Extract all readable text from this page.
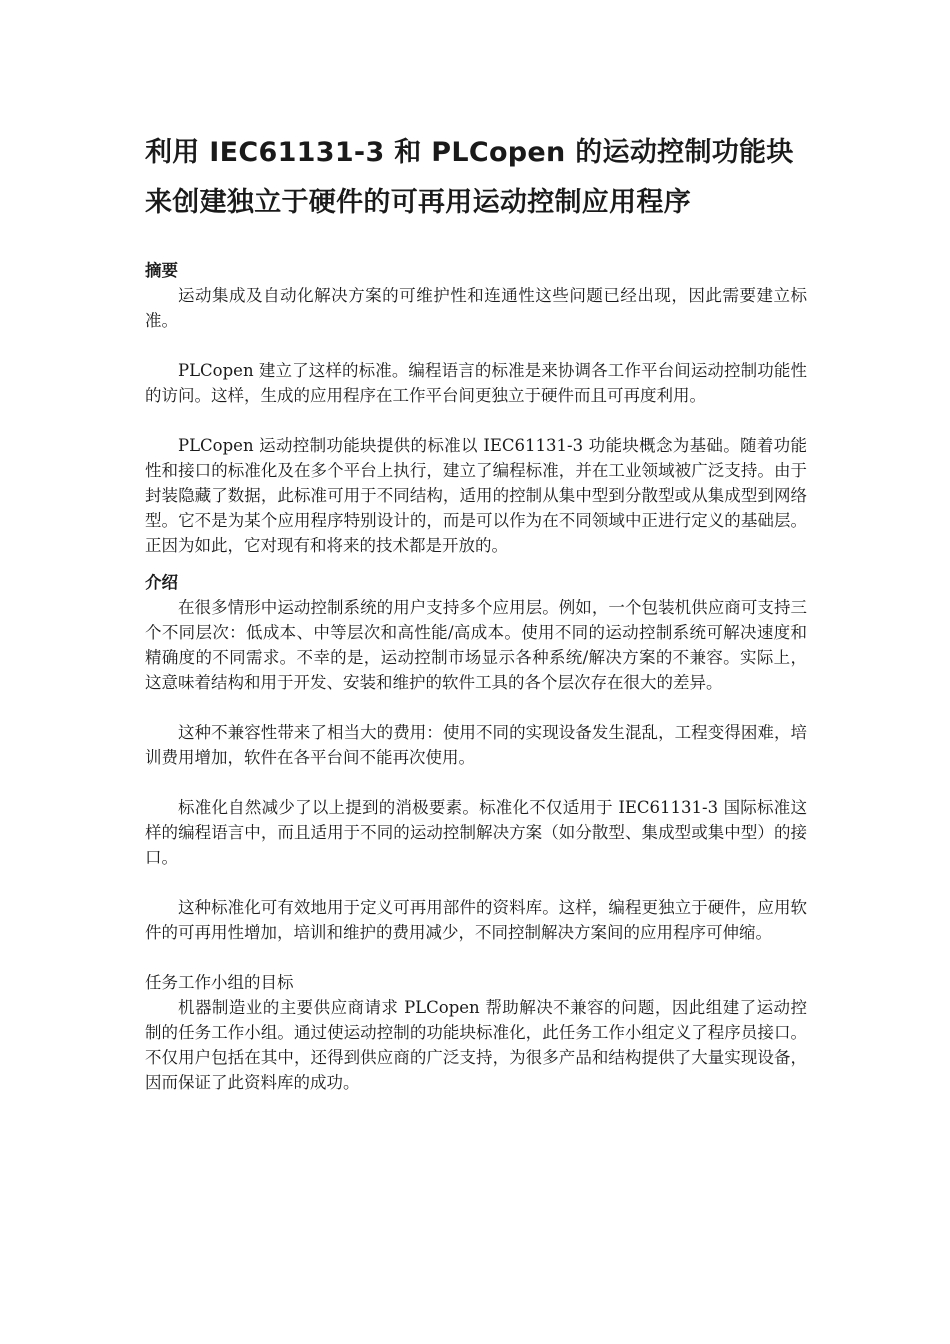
利用 IEC61131-3 和 PLCopen 的运动控制功能块来创建独立于硬件的可再用运动控制应用程序
摘要

运动集成及自动化解决方案的可维护性和连通性这些问题已经出现，因此需要建立标准。

PLCopen 建立了这样的标准。编程语言的标准是来协调各工作平台间运动控制功能性的访问。这样，生成的应用程序在工作平台间更独立于硬件而且可再度利用。

PLCopen 运动控制功能块提供的标准以 IEC61131-3 功能块概念为基础。随着功能性和接口的标准化及在多个平台上执行，建立了编程标准，并在工业领域被广泛支持。由于封装隐藏了数据，此标准可用于不同结构，适用的控制从集中型到分散型或从集成型到网络型。它不是为某个应用程序特别设计的，而是可以作为在不同领域中正进行定义的基础层。正因为如此，它对现有和将来的技术都是开放的。

介绍

在很多情形中运动控制系统的用户支持多个应用层。例如，一个包装机供应商可支持三个不同层次：低成本、中等层次和高性能/高成本。使用不同的运动控制系统可解决速度和精确度的不同需求。不幸的是，运动控制市场显示各种系统/解决方案的不兼容。实际上，这意味着结构和用于开发、安装和维护的软件工具的各个层次存在很大的差异。

这种不兼容性带来了相当大的费用：使用不同的实现设备发生混乱，工程变得困难，培训费用增加，软件在各平台间不能再次使用。

标准化自然减少了以上提到的消极要素。标准化不仅适用于 IEC61131-3 国际标准这样的编程语言中，而且适用于不同的运动控制解决方案（如分散型、集成型或集中型）的接口。

这种标准化可有效地用于定义可再用部件的资料库。这样，编程更独立于硬件，应用软件的可再用性增加，培训和维护的费用减少，不同控制解决方案间的应用程序可伸缩。

任务工作小组的目标

机器制造业的主要供应商请求 PLCopen 帮助解决不兼容的问题，因此组建了运动控制的任务工作小组。通过使运动控制的功能块标准化，此任务工作小组定义了程序员接口。不仅用户包括在其中，还得到供应商的广泛支持，为很多产品和结构提供了大量实现设备，因而保证了此资料库的成功。
